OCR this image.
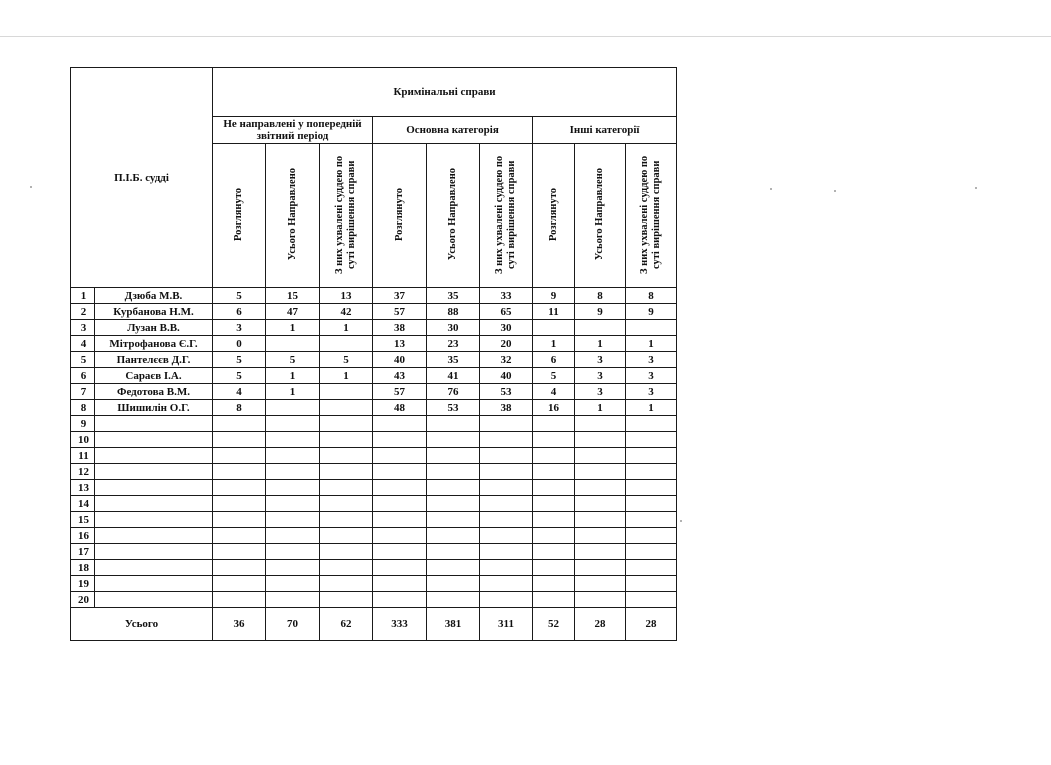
П.І.Б. судді		Кримінальні справи								
		Не направлені у попередній звітний період			Основна категорія			Інші категорії		
		Розглянуто	Усього Направлено	З них ухвалені суддею по суті вирішення справи	Розглянуто	Усього Направлено	З них ухвалені суддею по суті вирішення справи	Розглянуто	Усього Направлено	З них ухвалені суддею по суті вирішення справи
1	Дзюба М.В.	5	15	13	37	35	33	9	8	8
2	Курбанова Н.М.	6	47	42	57	88	65	11	9	9
3	Лузан В.В.	3	1	1	38	30	30			
4	Мітрофанова Є.Г.	0			13	23	20	1	1	1
5	Пантелєєв Д.Г.	5	5	5	40	35	32	6	3	3
6	Сараєв І.А.	5	1	1	43	41	40	5	3	3
7	Федотова В.М.	4	1		57	76	53	4	3	3
8	Шишилін О.Г.	8			48	53	38	16	1	1
9										
10										
11										
12										
13										
14										
15										
16										
17										
18										
19										
20										
Усього		36	70	62	333	381	311	52	28	28
